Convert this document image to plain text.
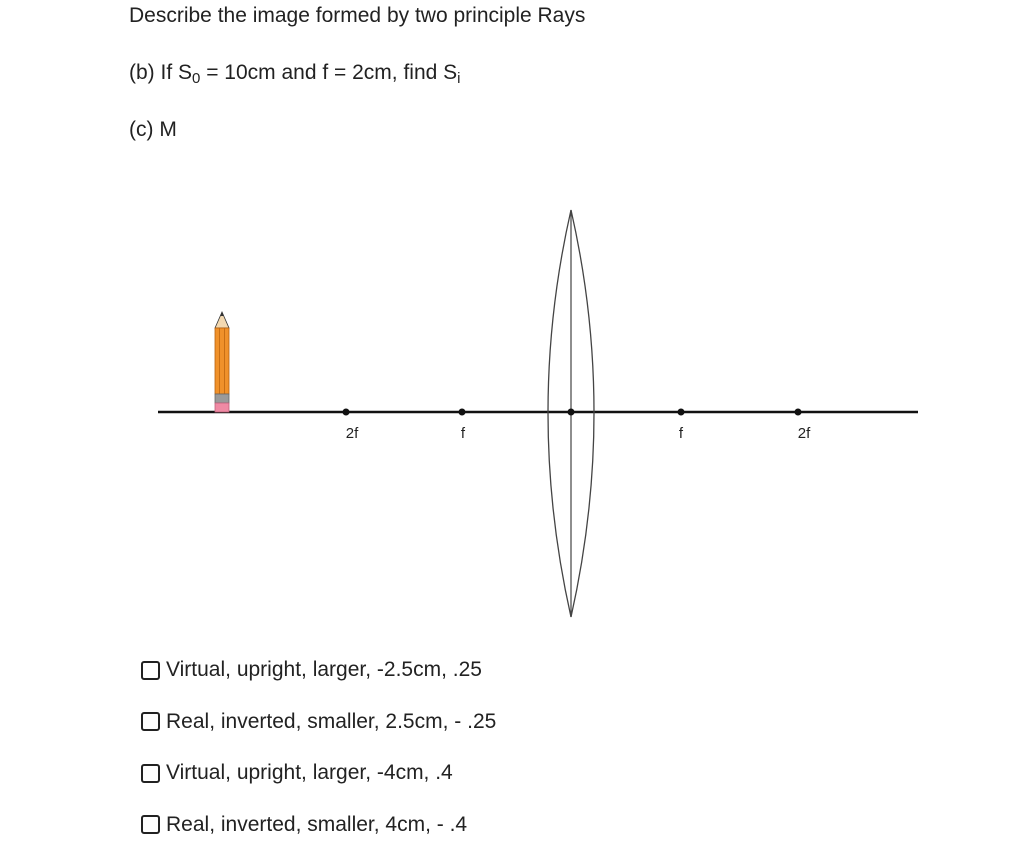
Describe the image formed by two principle Rays
(b) If $S_0 = 10cm$ and f = 2cm, find $S_i$
(c) M
2f	f	f	2f
Virtual, upright, larger, -2.5cm, .25
Real, inverted, smaller, 2.5cm, - .25
Virtual, upright, larger, -4cm, .4
Real, inverted, smaller, 4cm, - .4
